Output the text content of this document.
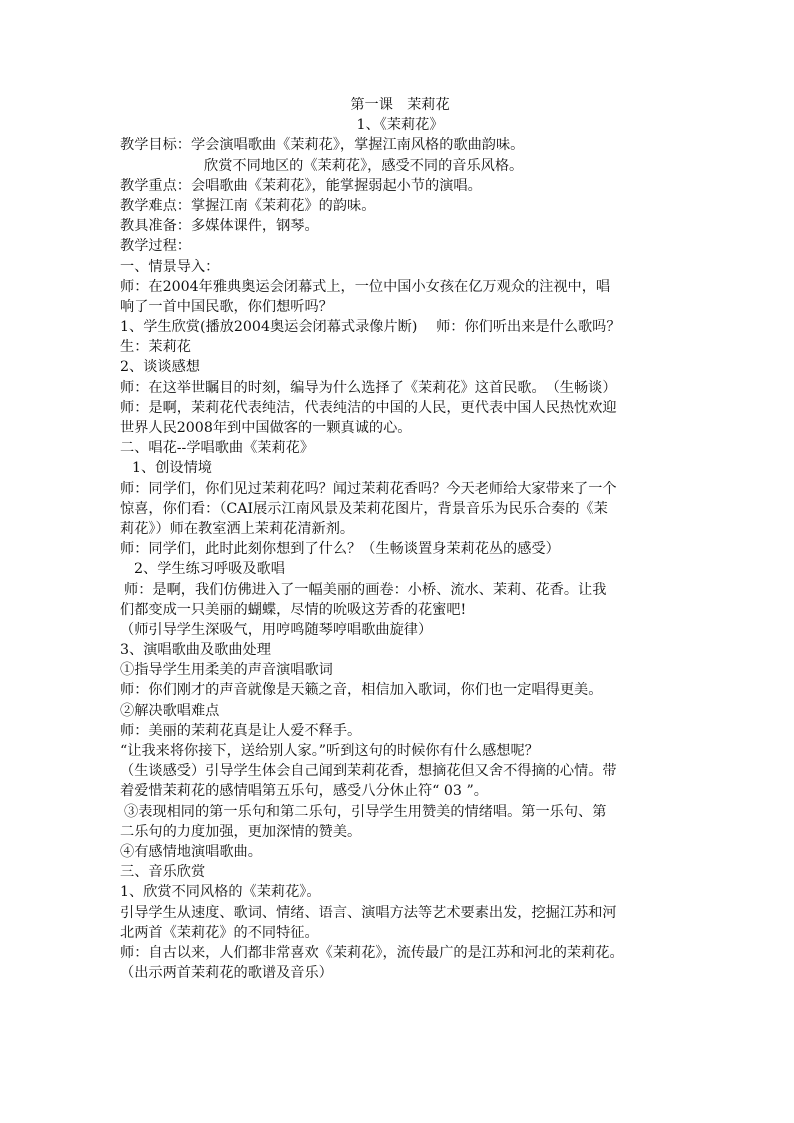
第一课　茉莉花
1、《茉莉花》
教学目标：学会演唱歌曲《茉莉花》，掌握江南风格的歌曲韵味。
欣赏不同地区的《茉莉花》，感受不同的音乐风格。
教学重点：会唱歌曲《茉莉花》，能掌握弱起小节的演唱。
教学难点：掌握江南《茉莉花》的韵味。
教具准备：多媒体课件，钢琴。
教学过程：
一、情景导入：
师：在2004年雅典奥运会闭幕式上，一位中国小女孩在亿万观众的注视中，唱
响了一首中国民歌，你们想听吗？
1、学生欣赏(播放2004奥运会闭幕式录像片断)　 师：你们听出来是什么歌吗？
生：茉莉花
2、谈谈感想
师：在这举世瞩目的时刻，编导为什么选择了《茉莉花》这首民歌。　（生畅谈）
师：是啊，茉莉花代表纯洁，代表纯洁的中国的人民，更代表中国人民热忱欢迎
世界人民2008年到中国做客的一颗真诚的心。
二、唱花--学唱歌曲《茉莉花》
1、创设情境
师：同学们，你们见过茉莉花吗？闻过茉莉花香吗？今天老师给大家带来了一个
惊喜，你们看：（CAI展示江南风景及茉莉花图片，背景音乐为民乐合奏的《茉
莉花》）师在教室洒上茉莉花清新剂。
师：同学们，此时此刻你想到了什么？（生畅谈置身茉莉花丛的感受）
2、学生练习呼吸及歌唱
师：是啊，我们仿佛进入了一幅美丽的画卷：小桥、流水、茉莉、花香。让我
们都变成一只美丽的蝴蝶，尽情的吮吸这芳香的花蜜吧!
（师引导学生深吸气，用哼鸣随琴哼唱歌曲旋律）
3、演唱歌曲及歌曲处理
①指导学生用柔美的声音演唱歌词
师：你们刚才的声音就像是天籁之音，相信加入歌词，你们也一定唱得更美。
②解决歌唱难点
师：美丽的茉莉花真是让人爱不释手。
“让我来将你接下，送给别人家。”听到这句的时候你有什么感想呢？
（生谈感受）引导学生体会自己闻到茉莉花香，想摘花但又舍不得摘的心情。带
着爱惜茉莉花的感情唱第五乐句，感受八分休止符“ 03 ”。
③表现相同的第一乐句和第二乐句，引导学生用赞美的情绪唱。第一乐句、第
二乐句的力度加强，更加深情的赞美。
④有感情地演唱歌曲。
三、音乐欣赏
1、欣赏不同风格的《茉莉花》。
引导学生从速度、歌词、情绪、语言、演唱方法等艺术要素出发，挖掘江苏和河
北两首《茉莉花》的不同特征。
师：自古以来，人们都非常喜欢《茉莉花》，流传最广的是江苏和河北的茉莉花。
（出示两首茉莉花的歌谱及音乐）
